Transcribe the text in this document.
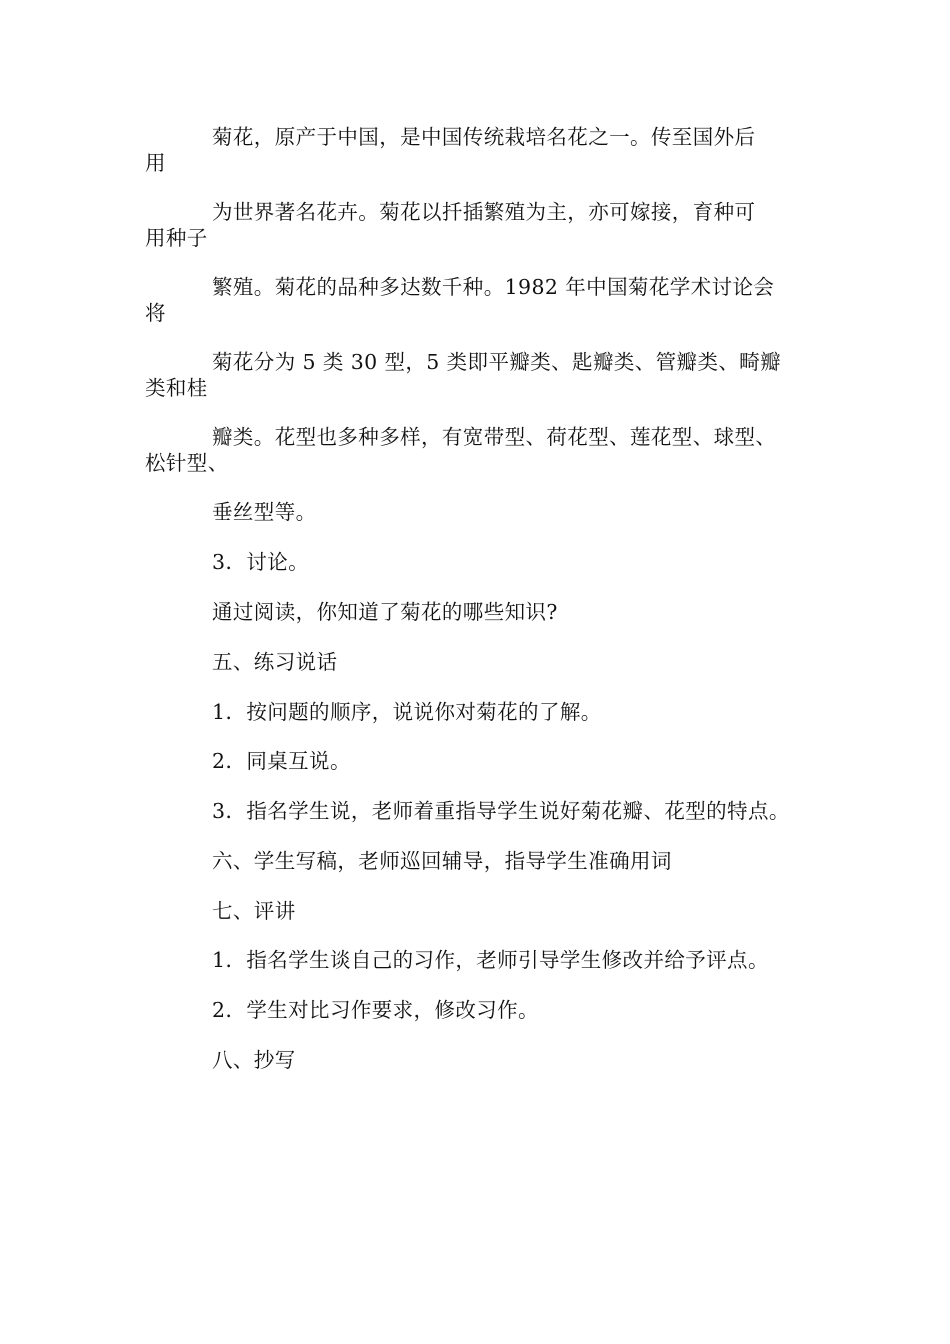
菊花，原产于中国，是中国传统栽培名花之一。传至国外后
用
为世界著名花卉。菊花以扦插繁殖为主，亦可嫁接，育种可
用种子
繁殖。菊花的品种多达数千种。1982 年中国菊花学术讨论会
将
菊花分为 5 类 30 型，5 类即平瓣类、匙瓣类、管瓣类、畸瓣
类和桂
瓣类。花型也多种多样，有宽带型、荷花型、莲花型、球型、
松针型、
垂丝型等。
3．讨论。
通过阅读，你知道了菊花的哪些知识?
五、练习说话
1．按问题的顺序，说说你对菊花的了解。
2．同桌互说。
3．指名学生说，老师着重指导学生说好菊花瓣、花型的特点。
六、学生写稿，老师巡回辅导，指导学生准确用词
七、评讲
1．指名学生谈自己的习作，老师引导学生修改并给予评点。
2．学生对比习作要求，修改习作。
八、抄写
